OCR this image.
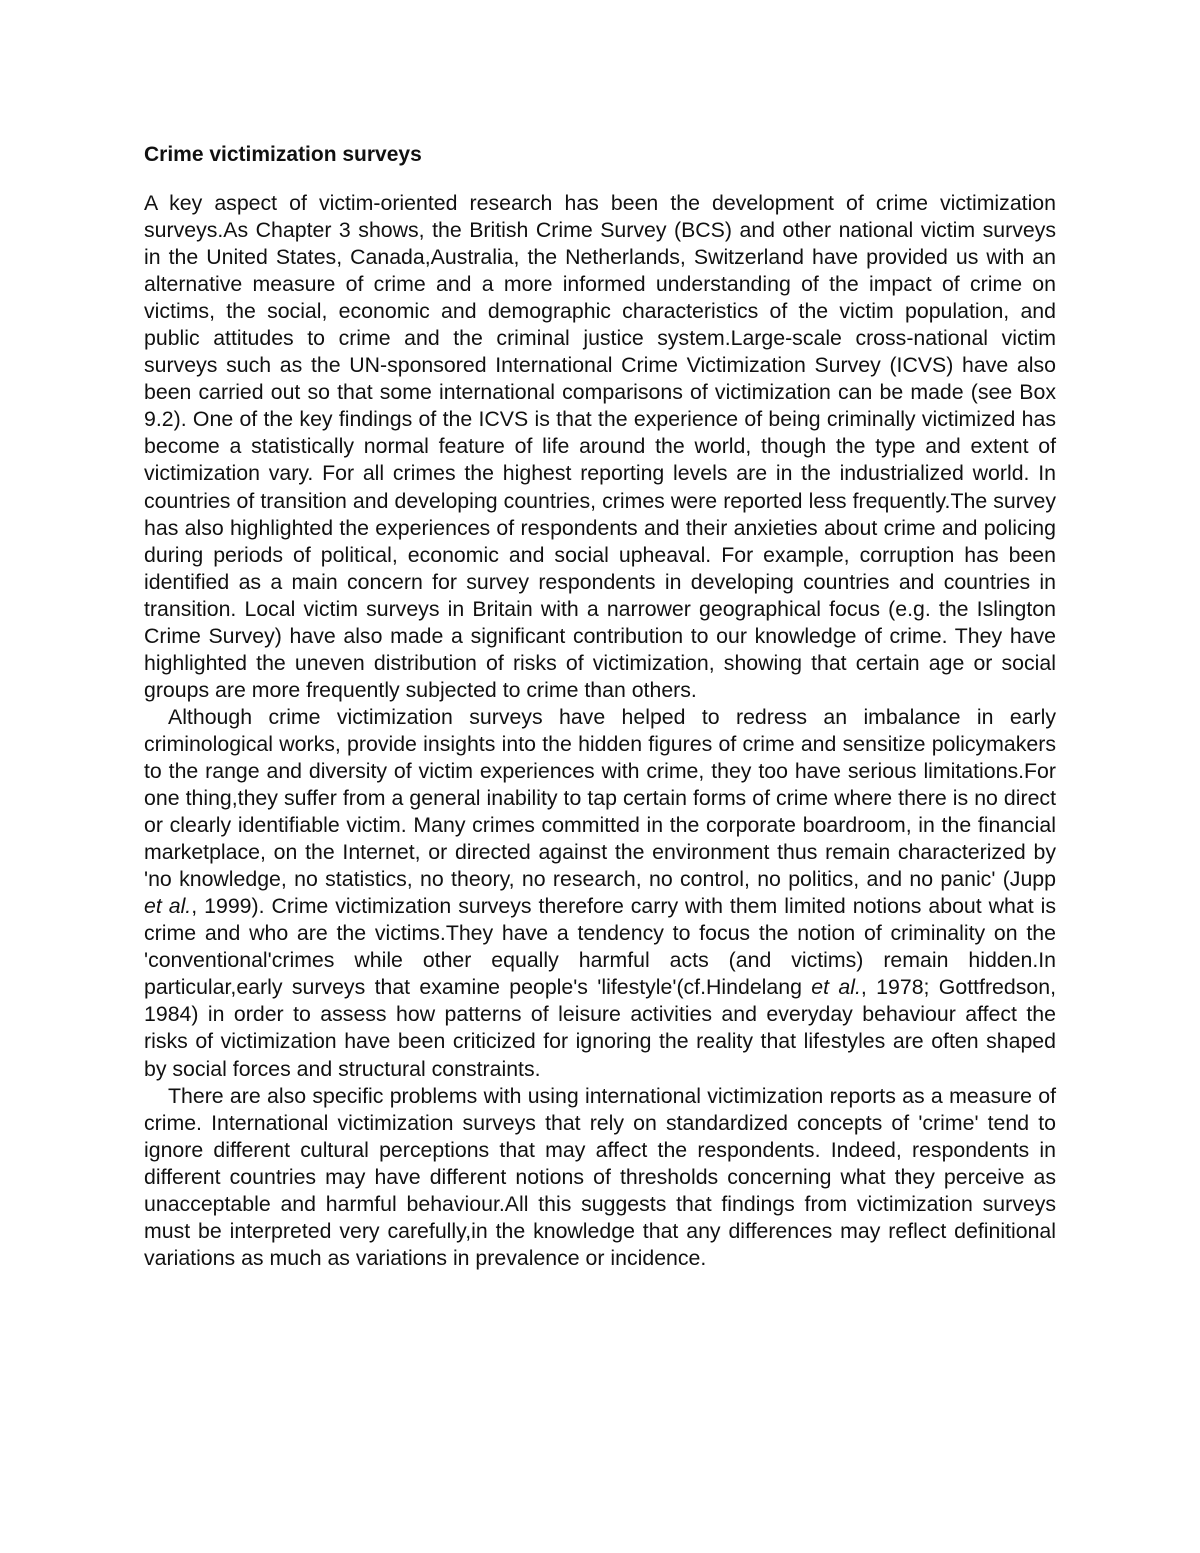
Crime victimization surveys

A key aspect of victim-oriented research has been the development of crime victimization surveys.As Chapter 3 shows, the British Crime Survey (BCS) and other national victim surveys in the United States, Canada,Australia, the Netherlands, Switzerland have provided us with an alternative measure of crime and a more informed understanding of the impact of crime on victims, the social, economic and demographic characteristics of the victim population, and public attitudes to crime and the criminal justice system.Large-scale cross-national victim surveys such as the UN-sponsored International Crime Victimization Survey (ICVS) have also been carried out so that some international comparisons of victimization can be made (see Box 9.2). One of the key findings of the ICVS is that the experience of being criminally victimized has become a statistically normal feature of life around the world, though the type and extent of victimization vary. For all crimes the highest reporting levels are in the industrialized world. In countries of transition and developing countries, crimes were reported less frequently.The survey has also highlighted the experiences of respondents and their anxieties about crime and policing during periods of political, economic and social upheaval. For example, corruption has been identified as a main concern for survey respondents in developing countries and countries in transition. Local victim surveys in Britain with a narrower geographical focus (e.g. the Islington Crime Survey) have also made a significant contribution to our knowledge of crime. They have highlighted the uneven distribution of risks of victimization, showing that certain age or social groups are more frequently subjected to crime than others.

Although crime victimization surveys have helped to redress an imbalance in early criminological works, provide insights into the hidden figures of crime and sensitize policymakers to the range and diversity of victim experiences with crime, they too have serious limitations.For one thing,they suffer from a general inability to tap certain forms of crime where there is no direct or clearly identifiable victim. Many crimes committed in the corporate boardroom, in the financial marketplace, on the Internet, or directed against the environment thus remain characterized by 'no knowledge, no statistics, no theory, no research, no control, no politics, and no panic' (Jupp et al., 1999). Crime victimization surveys therefore carry with them limited notions about what is crime and who are the victims.They have a tendency to focus the notion of criminality on the 'conventional'crimes while other equally harmful acts (and victims) remain hidden.In particular,early surveys that examine people's 'lifestyle'(cf.Hindelang et al., 1978; Gottfredson, 1984) in order to assess how patterns of leisure activities and everyday behaviour affect the risks of victimization have been criticized for ignoring the reality that lifestyles are often shaped by social forces and structural constraints.

There are also specific problems with using international victimization reports as a measure of crime. International victimization surveys that rely on standardized concepts of 'crime' tend to ignore different cultural perceptions that may affect the respondents. Indeed, respondents in different countries may have different notions of thresholds concerning what they perceive as unacceptable and harmful behaviour.All this suggests that findings from victimization surveys must be interpreted very carefully,in the knowledge that any differences may reflect definitional variations as much as variations in prevalence or incidence.
